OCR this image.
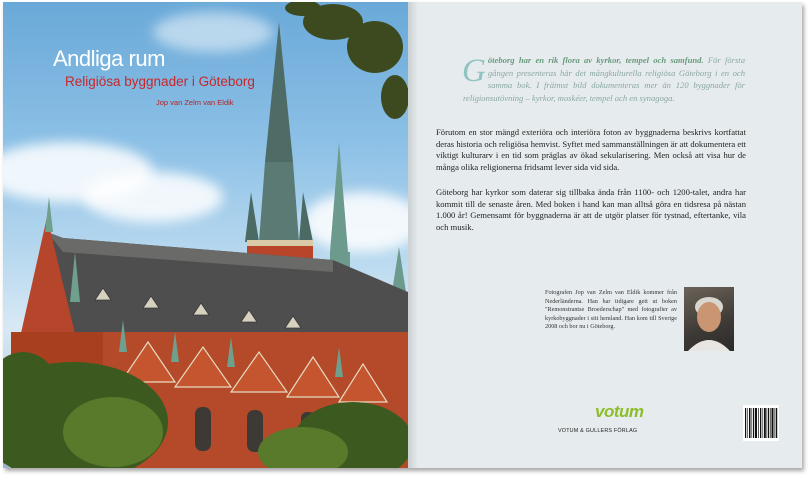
Andliga rum
Religiösa byggnader i Göteborg
Jop van Zelm van Eldik
Göteborg har en rik flora av kyrkor, tempel och samfund. För första gången presenteras här det mångkulturella religiösa Göteborg i en och samma bok. I frätmst bild dokumenteras mer än 120 byggnader för religionsutövning – kyrkor, moskéer, tempel och en synagoga.
Förutom en stor mängd exteriöra och interiöra foton av byggnaderna beskrivs kortfattat deras historia och religiösa hemvist. Syftet med sammanställningen är att dokumentera ett viktigt kulturarv i en tid som präglas av ökad sekularisering. Men också att visa hur de många olika religionerna fridsamt lever sida vid sida.
Göteborg har kyrkor som daterar sig tillbaka ända från 1100- och 1200-talet, andra har kommit till de senaste åren. Med boken i hand kan man alltså göra en tidsresa på nästan 1.000 år! Gemensamt för byggnaderna är att de utgör platser för tystnad, eftertanke, vila och musik.
Fotografen Jop van Zelm van Eldik kommer från Nederländerna. Han har tidigare gett ut boken "Remonstrantse Broederschap" med fotografier av kyrkobyggnader i sitt hemland. Han kom till Sverige 2008 och bor nu i Göteborg.
votum
VOTUM & GULLERS FÖRLAG
